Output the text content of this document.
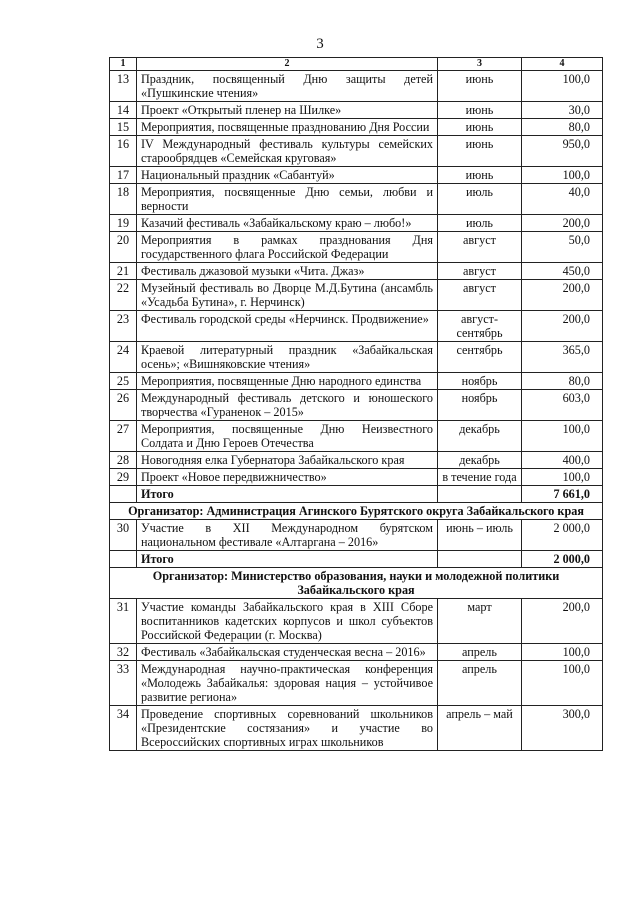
3
1	2	3	4
13	Праздник, посвященный Дню защиты детей «Пушкинские чтения»	июнь	100,0
14	Проект «Открытый пленер на Шилке»	июнь	30,0
15	Мероприятия, посвященные празднованию Дня России	июнь	80,0
16	IV Международный фестиваль культуры семейских старообрядцев «Семейская круговая»	июнь	950,0
17	Национальный праздник «Сабантуй»	июнь	100,0
18	Мероприятия, посвященные Дню семьи, любви и верности	июль	40,0
19	Казачий фестиваль «Забайкальскому краю – любо!»	июль	200,0
20	Мероприятия в рамках празднования Дня государственного флага Российской Федерации	август	50,0
21	Фестиваль джазовой музыки «Чита. Джаз»	август	450,0
22	Музейный фестиваль во Дворце М.Д.Бутина (ансамбль «Усадьба Бутина», г. Нерчинск)	август	200,0
23	Фестиваль городской среды «Нерчинск. Продвижение»	август-сентябрь	200,0
24	Краевой литературный праздник «Забайкальская осень»; «Вишняковские чтения»	сентябрь	365,0
25	Мероприятия, посвященные Дню народного единства	ноябрь	80,0
26	Международный фестиваль детского и юношеского творчества «Гураненок – 2015»	ноябрь	603,0
27	Мероприятия, посвященные Дню Неизвестного Солдата и Дню Героев Отечества	декабрь	100,0
28	Новогодняя елка Губернатора Забайкальского края	декабрь	400,0
29	Проект «Новое передвижничество»	в течение года	100,0
	Итого		7 661,0
Организатор: Администрация Агинского Бурятского округа Забайкальского края			
30	Участие в XII Международном бурятском национальном фестивале «Алтаргана – 2016»	июнь – июль	2 000,0
	Итого		2 000,0
Организатор: Министерство образования, науки и молодежной политики Забайкальского края			
31	Участие команды Забайкальского края в XIII Сборе воспитанников кадетских корпусов и школ субъектов Российской Федерации (г. Москва)	март	200,0
32	Фестиваль «Забайкальская студенческая весна – 2016»	апрель	100,0
33	Международная научно-практическая конференция «Молодежь Забайкалья: здоровая нация – устойчивое развитие региона»	апрель	100,0
34	Проведение спортивных соревнований школьников «Президентские состязания» и участие во Всероссийских спортивных играх школьников	апрель – май	300,0
